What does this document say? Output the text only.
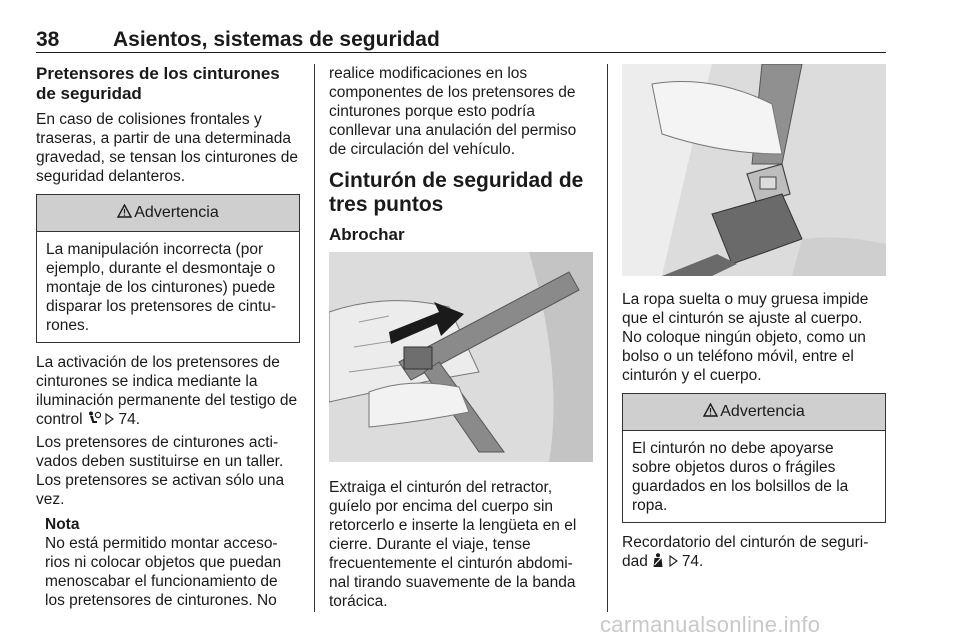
38	Asientos, sistemas de seguridad
Pretensores de los cinturones de seguridad

En caso de colisiones frontales y traseras, a partir de una determinada gravedad, se tensan los cinturones de seguridad delanteros.

Advertencia
La manipulación incorrecta (por ejemplo, durante el desmontaje o montaje de los cinturones) puede disparar los pretensores de cintu-rones.

La activación de los pretensores de cinturones se indica mediante la iluminación permanente del testigo de control 74.

Los pretensores de cinturones acti-vados deben sustituirse en un taller. Los pretensores se activan sólo una vez.

Nota
No está permitido montar acceso-rios ni colocar objetos que puedan menoscabar el funcionamiento de los pretensores de cinturones. No

realice modificaciones en los componentes de los pretensores de cinturones porque esto podría conllevar una anulación del permiso de circulación del vehículo.

Cinturón de seguridad de tres puntos
Abrochar

Extraiga el cinturón del retractor, guíelo por encima del cuerpo sin retorcerlo e inserte la lengüeta en el cierre. Durante el viaje, tense frecuentemente el cinturón abdomi-nal tirando suavemente de la banda torácica.

La ropa suelta o muy gruesa impide que el cinturón se ajuste al cuerpo. No coloque ningún objeto, como un bolso o un teléfono móvil, entre el cinturón y el cuerpo.

Advertencia
El cinturón no debe apoyarse sobre objetos duros o frágiles guardados en los bolsillos de la ropa.

Recordatorio del cinturón de seguri-dad 74.

carmanualsonline.info
